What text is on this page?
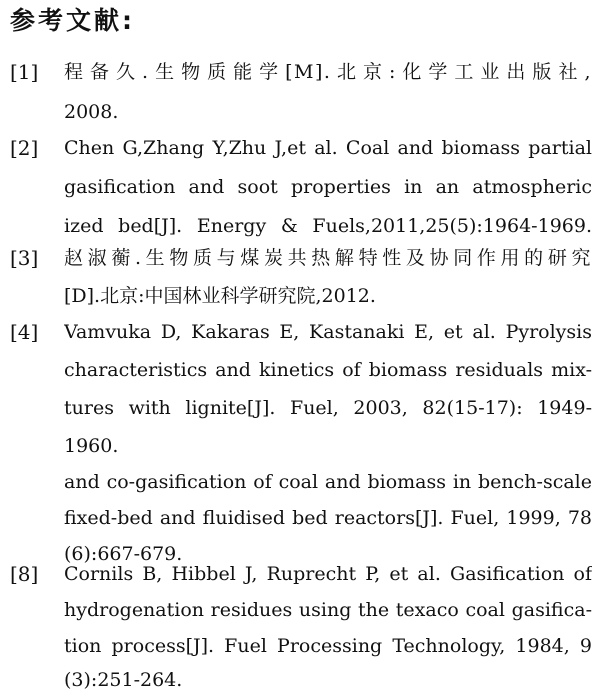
参考文献:
[1] 程备久.生物质能学[M].北京:化学工业出版社,
2008.
[2] Chen G,Zhang Y,Zhu J,et al. Coal and biomass partial
gasification and soot properties in an atmospheric
ized bed[J]. Energy & Fuels,2011,25(5):1964-1969.
[3] 赵淑蘅.生物质与煤炭共热解特性及协同作用的研究
[D].北京:中国林业科学研究院,2012.
[4] Vamvuka D, Kakaras E, Kastanaki E, et al. Pyrolysis
characteristics and kinetics of biomass residuals mix-
tures with lignite[J]. Fuel, 2003, 82(15-17): 1949-
1960.
and co-gasification of coal and biomass in bench-scale
fixed-bed and fluidised bed reactors[J]. Fuel, 1999, 78
(6):667-679.
[8] Cornils B, Hibbel J, Ruprecht P, et al. Gasification of
hydrogenation residues using the texaco coal gasifica-
tion process[J]. Fuel Processing Technology, 1984, 9
(3):251-264.
